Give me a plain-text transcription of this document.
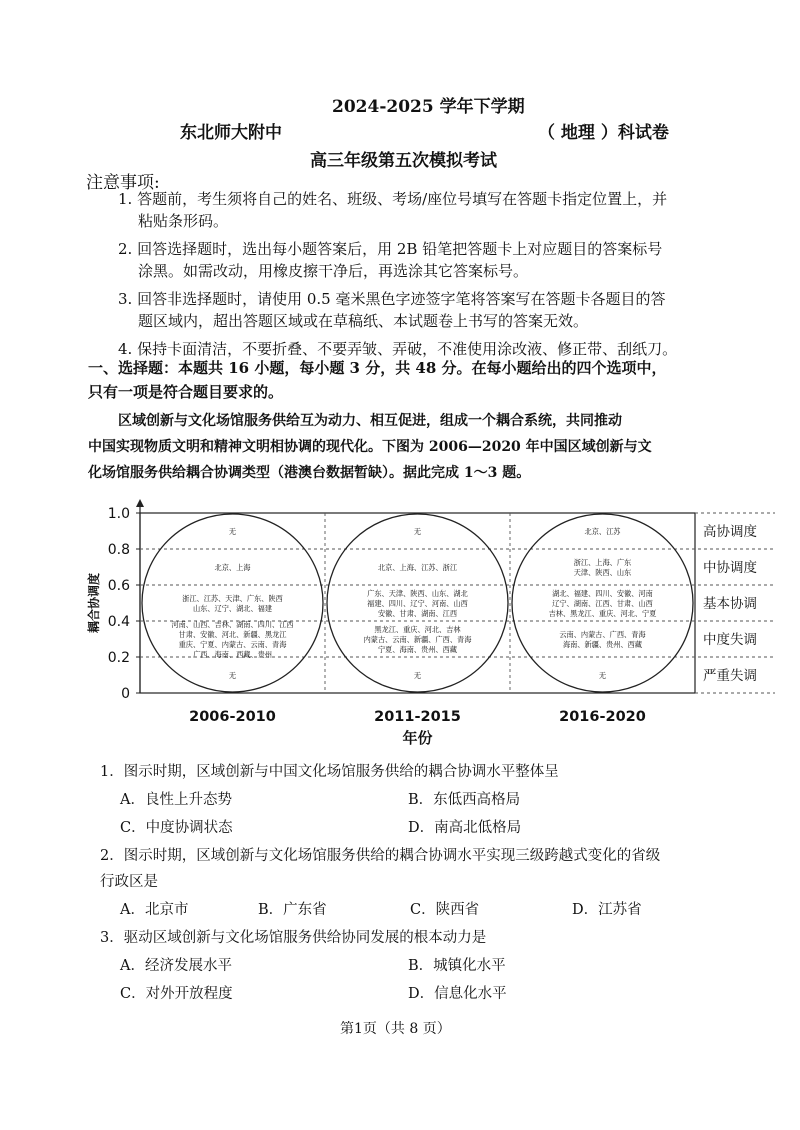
2024-2025 学年下学期
东北师大附中	（ 地理 ）科试卷
高三年级第五次模拟考试
注意事项:
1. 答题前，考生须将自己的姓名、班级、考场/座位号填写在答题卡指定位置上，并
粘贴条形码。
2. 回答选择题时，选出每小题答案后，用 2B 铅笔把答题卡上对应题目的答案标号
涂黑。如需改动，用橡皮擦干净后，再选涂其它答案标号。
3. 回答非选择题时，请使用 0.5 毫米黑色字迹签字笔将答案写在答题卡各题目的答
题区域内，超出答题区域或在草稿纸、本试题卷上书写的答案无效。
4. 保持卡面清洁，不要折叠、不要弄皱、弄破，不准使用涂改液、修正带、刮纸刀。
一、选择题：本题共 16 小题，每小题 3 分，共 48 分。在每小题给出的四个选项中，
只有一项是符合题目要求的。
区域创新与文化场馆服务供给互为动力、相互促进，组成一个耦合系统，共同推动
中国实现物质文明和精神文明相协调的现代化。下图为 2006—2020 年中国区域创新与文
化场馆服务供给耦合协调类型（港澳台数据暂缺）。据此完成 1～3 题。
1.0
0.8
0.6
0.4
0.2
0
耦合协调度
高协调度
中协调度
基本协调
中度失调
严重失调
2006-2010	2011-2015	2016-2020
年份
无
北京、上海
浙江、江苏、天津、广东、陕西
山东、辽宁、湖北、福建
河南、山西、吉林、湖南、四川、江西
甘肃、安徽、河北、新疆、黑龙江
重庆、宁夏、内蒙古、云南、青海
广西、海南、西藏、贵州
无
无
北京、上海、江苏、浙江
广东、天津、陕西、山东、湖北
福建、四川、辽宁、河南、山西
安徽、甘肃、湖南、江西
黑龙江、重庆、河北、吉林
内蒙古、云南、新疆、广西、青海
宁夏、海南、贵州、西藏
无
北京、江苏
浙江、上海、广东
天津、陕西、山东
湖北、福建、四川、安徽、河南
辽宁、湖南、江西、甘肃、山西
吉林、黑龙江、重庆、河北、宁夏
云南、内蒙古、广西、青海
海南、新疆、贵州、西藏
无
1．图示时期，区域创新与中国文化场馆服务供给的耦合协调水平整体呈
A．良性上升态势	B．东低西高格局
C．中度协调状态	D．南高北低格局
2．图示时期，区域创新与文化场馆服务供给的耦合协调水平实现三级跨越式变化的省级
行政区是
A．北京市	B．广东省	C．陕西省	D．江苏省
3．驱动区域创新与文化场馆服务供给协同发展的根本动力是
A．经济发展水平	B．城镇化水平
C．对外开放程度	D．信息化水平
第1页（共 8 页）
